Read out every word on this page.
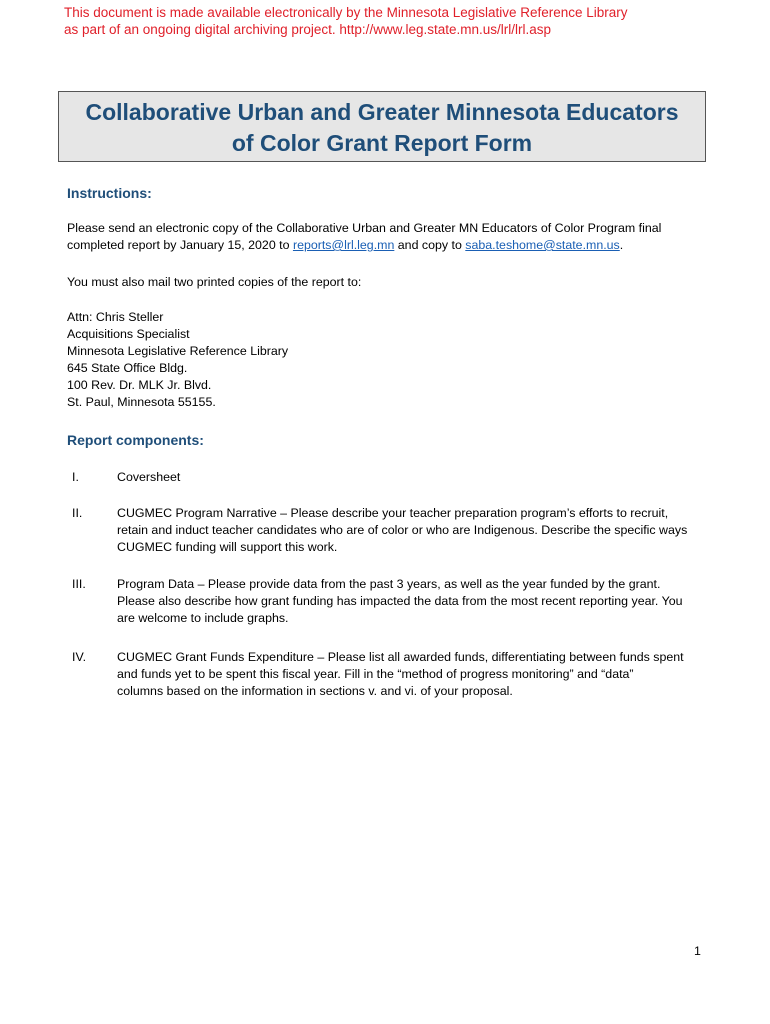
This document is made available electronically by the Minnesota Legislative Reference Library
as part of an ongoing digital archiving project. http://www.leg.state.mn.us/lrl/lrl.asp
Collaborative Urban and Greater Minnesota Educators
of Color Grant Report Form
Instructions:
Please send an electronic copy of the Collaborative Urban and Greater MN Educators of Color Program final
completed report by January 15, 2020 to reports@lrl.leg.mn and copy to saba.teshome@state.mn.us.
You must also mail two printed copies of the report to:
Attn: Chris Steller
Acquisitions Specialist
Minnesota Legislative Reference Library
645 State Office Bldg.
100 Rev. Dr. MLK Jr. Blvd.
St. Paul, Minnesota 55155.
Report components:
I.	Coversheet
II.	CUGMEC Program Narrative – Please describe your teacher preparation program’s efforts to recruit,
retain and induct teacher candidates who are of color or who are Indigenous. Describe the specific ways
CUGMEC funding will support this work.
III.	Program Data – Please provide data from the past 3 years, as well as the year funded by the grant.
Please also describe how grant funding has impacted the data from the most recent reporting year. You
are welcome to include graphs.
IV. CUGMEC Grant Funds Expenditure – Please list all awarded funds, differentiating between funds spent
and funds yet to be spent this fiscal year. Fill in the “method of progress monitoring” and “data”
columns based on the information in sections v. and vi. of your proposal.
1
